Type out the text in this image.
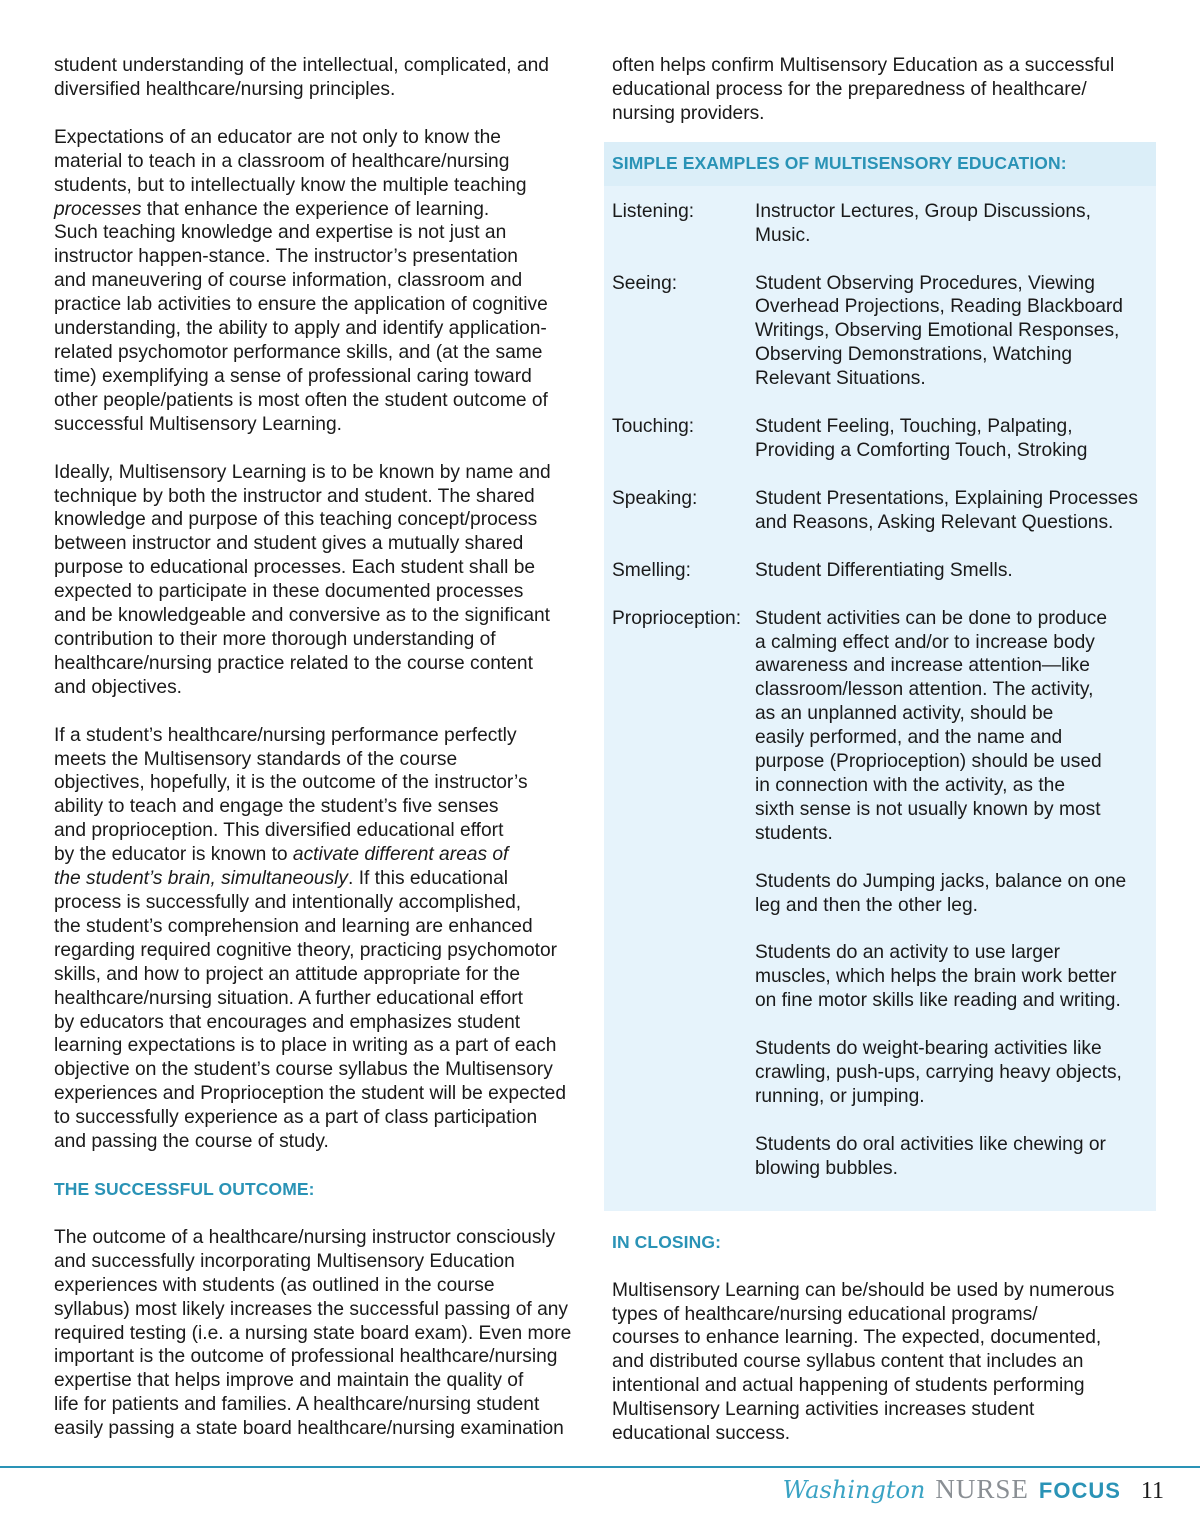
student understanding of the intellectual, complicated, and
diversified healthcare/nursing principles.

Expectations of an educator are not only to know the
material to teach in a classroom of healthcare/nursing
students, but to intellectually know the multiple teaching
processes that enhance the experience of learning.
Such teaching knowledge and expertise is not just an
instructor happen-stance. The instructor’s presentation
and maneuvering of course information, classroom and
practice lab activities to ensure the application of cognitive
understanding, the ability to apply and identify application-
related psychomotor performance skills, and (at the same
time) exemplifying a sense of professional caring toward
other people/patients is most often the student outcome of
successful Multisensory Learning.

Ideally, Multisensory Learning is to be known by name and
technique by both the instructor and student. The shared
knowledge and purpose of this teaching concept/process
between instructor and student gives a mutually shared
purpose to educational processes. Each student shall be
expected to participate in these documented processes
and be knowledgeable and conversive as to the significant
contribution to their more thorough understanding of
healthcare/nursing practice related to the course content
and objectives.

If a student’s healthcare/nursing performance perfectly
meets the Multisensory standards of the course
objectives, hopefully, it is the outcome of the instructor’s
ability to teach and engage the student’s five senses
and proprioception. This diversified educational effort
by the educator is known to activate different areas of
the student’s brain, simultaneously. If this educational
process is successfully and intentionally accomplished,
the student’s comprehension and learning are enhanced
regarding required cognitive theory, practicing psychomotor
skills, and how to project an attitude appropriate for the
healthcare/nursing situation. A further educational effort
by educators that encourages and emphasizes student
learning expectations is to place in writing as a part of each
objective on the student’s course syllabus the Multisensory
experiences and Proprioception the student will be expected
to successfully experience as a part of class participation
and passing the course of study.

THE SUCCESSFUL OUTCOME:

The outcome of a healthcare/nursing instructor consciously
and successfully incorporating Multisensory Education
experiences with students (as outlined in the course
syllabus) most likely increases the successful passing of any
required testing (i.e. a nursing state board exam). Even more
important is the outcome of professional healthcare/nursing
expertise that helps improve and maintain the quality of
life for patients and families. A healthcare/nursing student
easily passing a state board healthcare/nursing examination

often helps confirm Multisensory Education as a successful
educational process for the preparedness of healthcare/
nursing providers.

SIMPLE EXAMPLES OF MULTISENSORY EDUCATION:
Listening:	Instructor Lectures, Group Discussions,
Music.
Seeing:	Student Observing Procedures, Viewing
Overhead Projections, Reading Blackboard
Writings, Observing Emotional Responses,
Observing Demonstrations, Watching
Relevant Situations.
Touching:	Student Feeling, Touching, Palpating,
Providing a Comforting Touch, Stroking
Speaking:	Student Presentations, Explaining Processes
and Reasons, Asking Relevant Questions.
Smelling:	Student Differentiating Smells.
Proprioception: Student activities can be done to produce
a calming effect and/or to increase body
awareness and increase attention—like
classroom/lesson attention. The activity,
as an unplanned activity, should be
easily performed, and the name and
purpose (Proprioception) should be used
in connection with the activity, as the
sixth sense is not usually known by most
students.
Students do Jumping jacks, balance on one
leg and then the other leg.
Students do an activity to use larger
muscles, which helps the brain work better
on fine motor skills like reading and writing.
Students do weight-bearing activities like
crawling, push-ups, carrying heavy objects,
running, or jumping.
Students do oral activities like chewing or
blowing bubbles.
IN CLOSING:

Multisensory Learning can be/should be used by numerous
types of healthcare/nursing educational programs/
courses to enhance learning. The expected, documented,
and distributed course syllabus content that includes an
intentional and actual happening of students performing
Multisensory Learning activities increases student
educational success.

Washington NURSE FOCUS 11
